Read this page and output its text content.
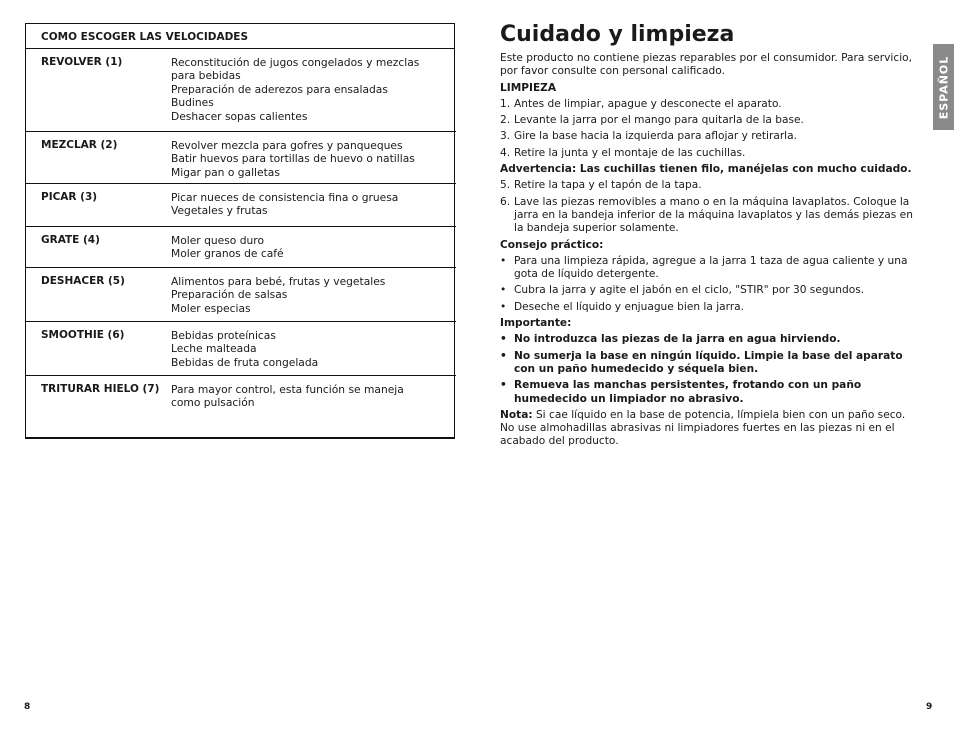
COMO ESCOGER LAS VELOCIDADES
REVOLVER (1)	Reconstitución de jugos congelados y mezclas
para bebidas
Preparación de aderezos para ensaladas
Budines
Deshacer sopas calientes
MEZCLAR (2)	Revolver mezcla para gofres y panqueques
Batir huevos para tortillas de huevo o natillas
Migar pan o galletas
PICAR (3)	Picar nueces de consistencia fina o gruesa
Vegetales y frutas
GRATE (4)	Moler queso duro
Moler granos de café
DESHACER (5)	Alimentos para bebé, frutas y vegetales
Preparación de salsas
Moler especias
SMOOTHIE (6)	Bebidas proteínicas
Leche malteada
Bebidas de fruta congelada
TRITURAR HIELO (7) Para mayor control, esta función se maneja
como pulsación
8
Cuidado y limpieza
Este producto no contiene piezas reparables por el consumidor. Para servicio, por favor consulte con personal calificado.
LIMPIEZA
1. Antes de limpiar, apague y desconecte el aparato.
2. Levante la jarra por el mango para quitarla de la base.
3. Gire la base hacia la izquierda para aflojar y retirarla.
4. Retire la junta y el montaje de las cuchillas.
Advertencia: Las cuchillas tienen filo, manéjelas con mucho cuidado.
5. Retire la tapa y el tapón de la tapa.
6. Lave las piezas removibles a mano o en la máquina lavaplatos. Coloque la jarra en la bandeja inferior de la máquina lavaplatos y las demás piezas en la bandeja superior solamente.
Consejo práctico:
• Para una limpieza rápida, agregue a la jarra 1 taza de agua caliente y una gota de líquido detergente.
• Cubra la jarra y agite el jabón en el ciclo, "STIR" por 30 segundos.
• Deseche el líquido y enjuague bien la jarra.
Importante:
• No introduzca las piezas de la jarra en agua hirviendo.
• No sumerja la base en ningún líquido. Limpie la base del aparato con un paño humedecido y séquela bien.
• Remueva las manchas persistentes, frotando con un paño humedecido un limpiador no abrasivo.
Nota: Si cae líquido en la base de potencia, límpiela bien con un paño seco. No use almohadillas abrasivas ni limpiadores fuertes en las piezas ni en el acabado del producto.
ESPAÑOL
9
